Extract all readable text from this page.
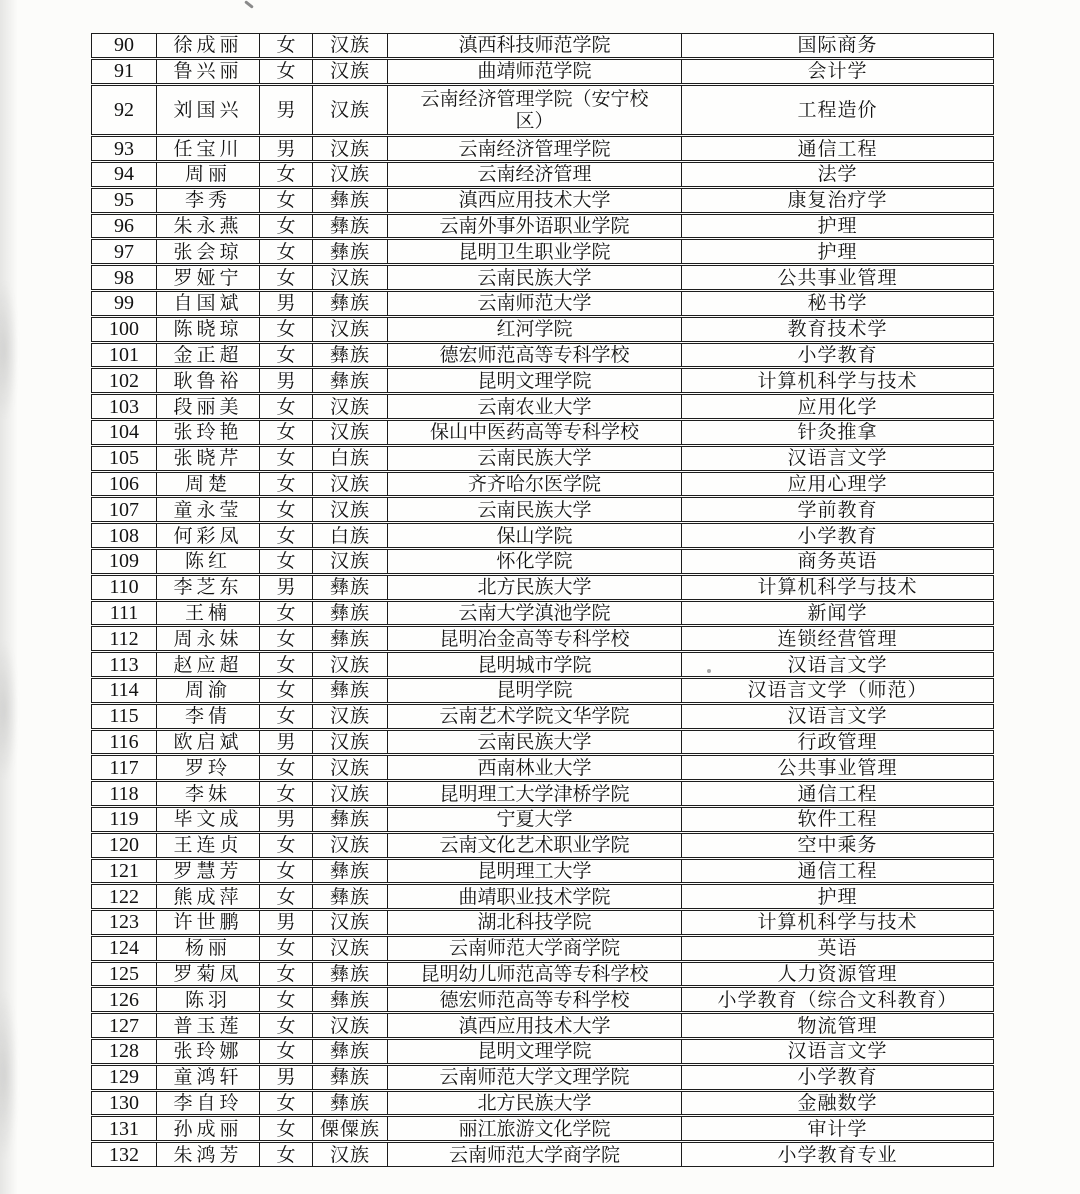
90	徐成丽	女	汉族	滇西科技师范学院	国际商务
91	鲁兴丽	女	汉族	曲靖师范学院	会计学
92	刘国兴	男	汉族	云南经济管理学院（安宁校区）	工程造价
93	任宝川	男	汉族	云南经济管理学院	通信工程
94	周丽	女	汉族	云南经济管理	法学
95	李秀	女	彝族	滇西应用技术大学	康复治疗学
96	朱永燕	女	彝族	云南外事外语职业学院	护理
97	张会琼	女	彝族	昆明卫生职业学院	护理
98	罗娅宁	女	汉族	云南民族大学	公共事业管理
99	自国斌	男	彝族	云南师范大学	秘书学
100	陈晓琼	女	汉族	红河学院	教育技术学
101	金正超	女	彝族	德宏师范高等专科学校	小学教育
102	耿鲁裕	男	彝族	昆明文理学院	计算机科学与技术
103	段丽美	女	汉族	云南农业大学	应用化学
104	张玲艳	女	汉族	保山中医药高等专科学校	针灸推拿
105	张晓芹	女	白族	云南民族大学	汉语言文学
106	周楚	女	汉族	齐齐哈尔医学院	应用心理学
107	童永莹	女	汉族	云南民族大学	学前教育
108	何彩凤	女	白族	保山学院	小学教育
109	陈红	女	汉族	怀化学院	商务英语
110	李芝东	男	彝族	北方民族大学	计算机科学与技术
111	王楠	女	彝族	云南大学滇池学院	新闻学
112	周永妹	女	彝族	昆明冶金高等专科学校	连锁经营管理
113	赵应超	女	汉族	昆明城市学院	汉语言文学
114	周渝	女	彝族	昆明学院	汉语言文学（师范）
115	李倩	女	汉族	云南艺术学院文华学院	汉语言文学
116	欧启斌	男	汉族	云南民族大学	行政管理
117	罗玲	女	汉族	西南林业大学	公共事业管理
118	李妹	女	汉族	昆明理工大学津桥学院	通信工程
119	毕文成	男	彝族	宁夏大学	软件工程
120	王连贞	女	汉族	云南文化艺术职业学院	空中乘务
121	罗慧芳	女	彝族	昆明理工大学	通信工程
122	熊成萍	女	彝族	曲靖职业技术学院	护理
123	许世鹏	男	汉族	湖北科技学院	计算机科学与技术
124	杨丽	女	汉族	云南师范大学商学院	英语
125	罗菊凤	女	彝族	昆明幼儿师范高等专科学校	人力资源管理
126	陈羽	女	彝族	德宏师范高等专科学校	小学教育（综合文科教育）
127	普玉莲	女	汉族	滇西应用技术大学	物流管理
128	张玲娜	女	彝族	昆明文理学院	汉语言文学
129	童鸿轩	男	彝族	云南师范大学文理学院	小学教育
130	李自玲	女	彝族	北方民族大学	金融数学
131	孙成丽	女	傈僳族	丽江旅游文化学院	审计学
132	朱鸿芳	女	汉族	云南师范大学商学院	小学教育专业
